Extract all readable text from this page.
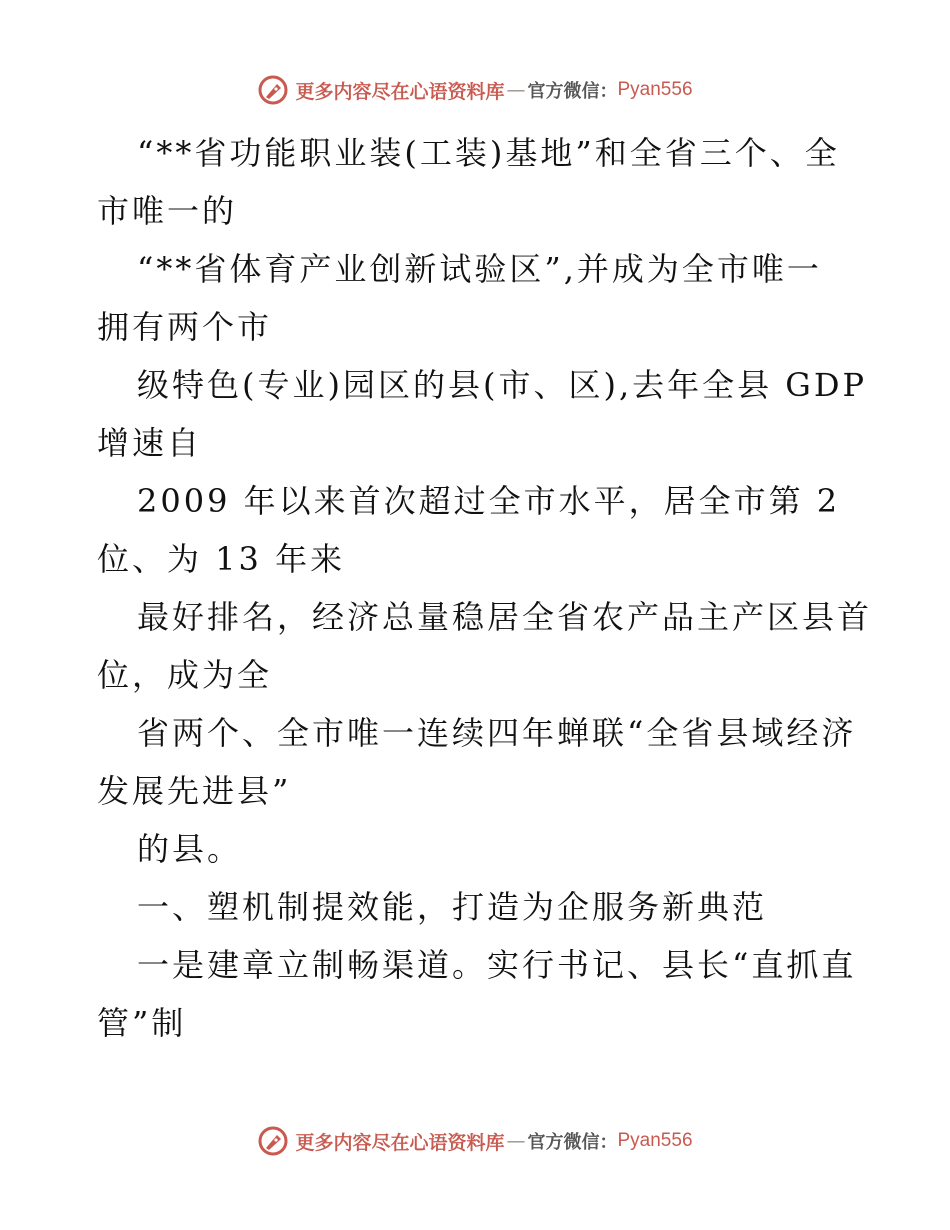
更多内容尽在心语资料库 — 官方微信： Pyan556

“**省功能职业装(工装)基地”和全省三个、全

市唯一的

“**省体育产业创新试验区”,并成为全市唯一

拥有两个市

级特色(专业)园区的县(市、区),去年全县 GDP

增速自

2009 年以来首次超过全市水平，居全市第 2

位、为 13 年来

最好排名，经济总量稳居全省农产品主产区县首

位，成为全

省两个、全市唯一连续四年蝉联“全省县域经济

发展先进县”

的县。

一、塑机制提效能，打造为企服务新典范

一是建章立制畅渠道。实行书记、县长“直抓直

管”制

更多内容尽在心语资料库 — 官方微信： Pyan556
